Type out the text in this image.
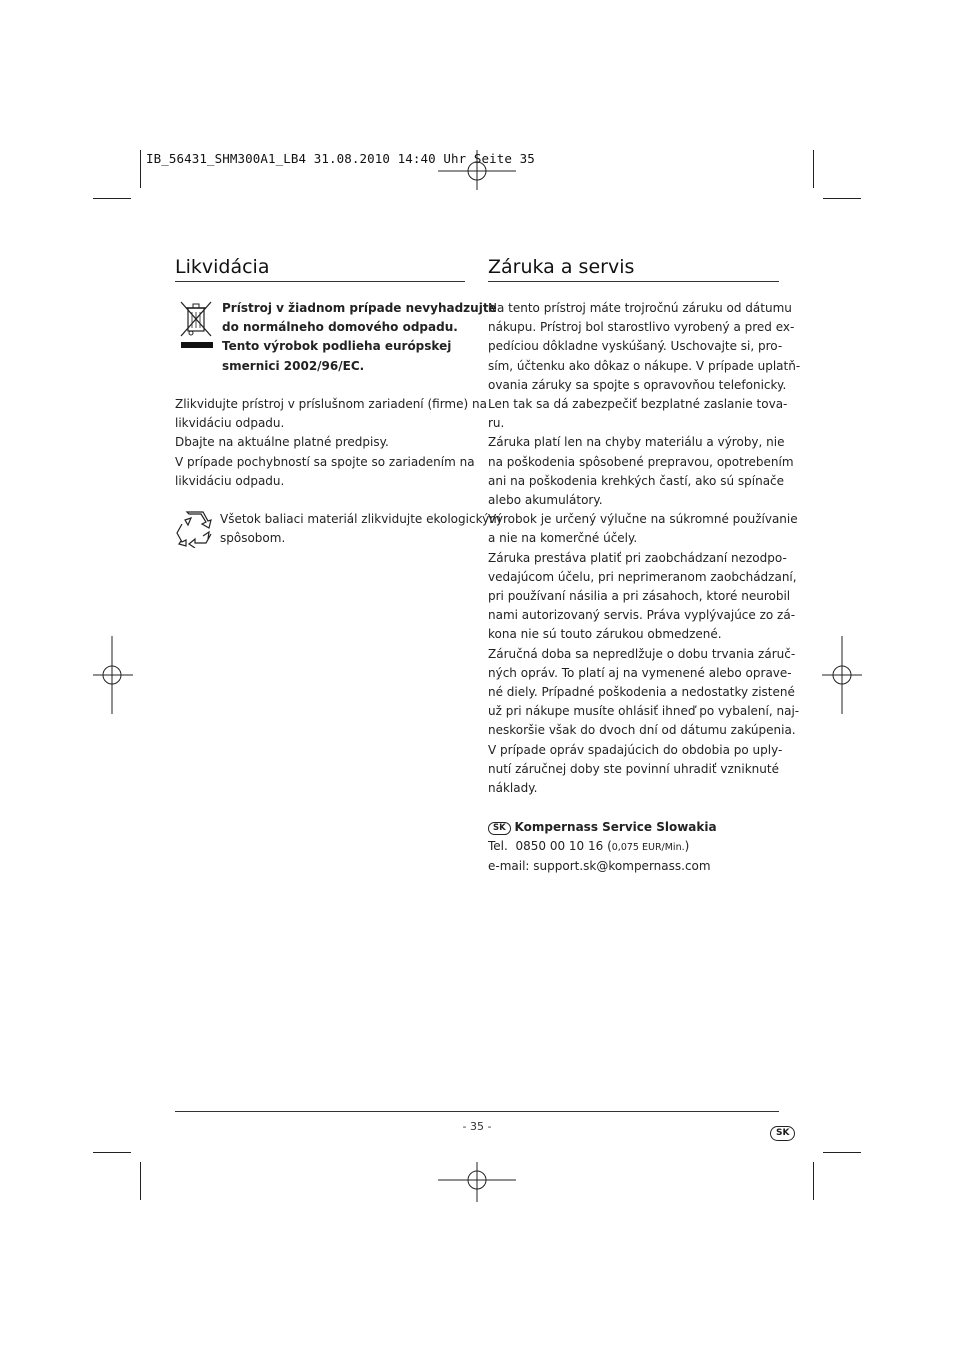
IB_56431_SHM300A1_LB4 31.08.2010 14:40 Uhr Seite 35
Likvidácia
Prístroj v žiadnom prípade nevyhadzujte
do normálneho domového odpadu.
Tento výrobok podlieha európskej
smernici 2002/96/EC.
Zlikvidujte prístroj v príslušnom zariadení (firme) na
likvidáciu odpadu.
Dbajte na aktuálne platné predpisy.
V prípade pochybností sa spojte so zariadením na
likvidáciu odpadu.
Všetok baliaci materiál zlikvidujte ekologickým
spôsobom.
Záruka a servis
Na tento prístroj máte trojročnú záruku od dátumu
nákupu. Prístroj bol starostlivo vyrobený a pred ex-
pedíciou dôkladne vyskúšaný. Uschovajte si, pro-
sím, účtenku ako dôkaz o nákupe. V prípade uplatň-
ovania záruky sa spojte s opravovňou telefonicky.
Len tak sa dá zabezpečiť bezplatné zaslanie tova-
ru.
Záruka platí len na chyby materiálu a výroby, nie
na poškodenia spôsobené prepravou, opotrebením
ani na poškodenia krehkých častí, ako sú spínače
alebo akumulátory.
Výrobok je určený výlučne na súkromné používanie
a nie na komerčné účely.
Záruka prestáva platiť pri zaobchádzaní nezodpo-
vedajúcom účelu, pri neprimeranom zaobchádzaní,
pri používaní násilia a pri zásahoch, ktoré neurobil
nami autorizovaný servis. Práva vyplývajúce zo zá-
kona nie sú touto zárukou obmedzené.
Záručná doba sa nepredlžuje o dobu trvania záruč-
ných opráv. To platí aj na vymenené alebo oprave-
né diely. Prípadné poškodenia a nedostatky zistené
už pri nákupe musíte ohlásiť ihneď po vybalení, naj-
neskoršie však do dvoch dní od dátumu zakúpenia.
V prípade opráv spadajúcich do obdobia po uply-
nutí záručnej doby ste povinní uhradiť vzniknuté
náklady.
SK Kompernass Service Slowakia
Tel. 0850 00 10 16 (0,075 EUR/Min.)
e-mail: support.sk@kompernass.com
- 35 -	SK
